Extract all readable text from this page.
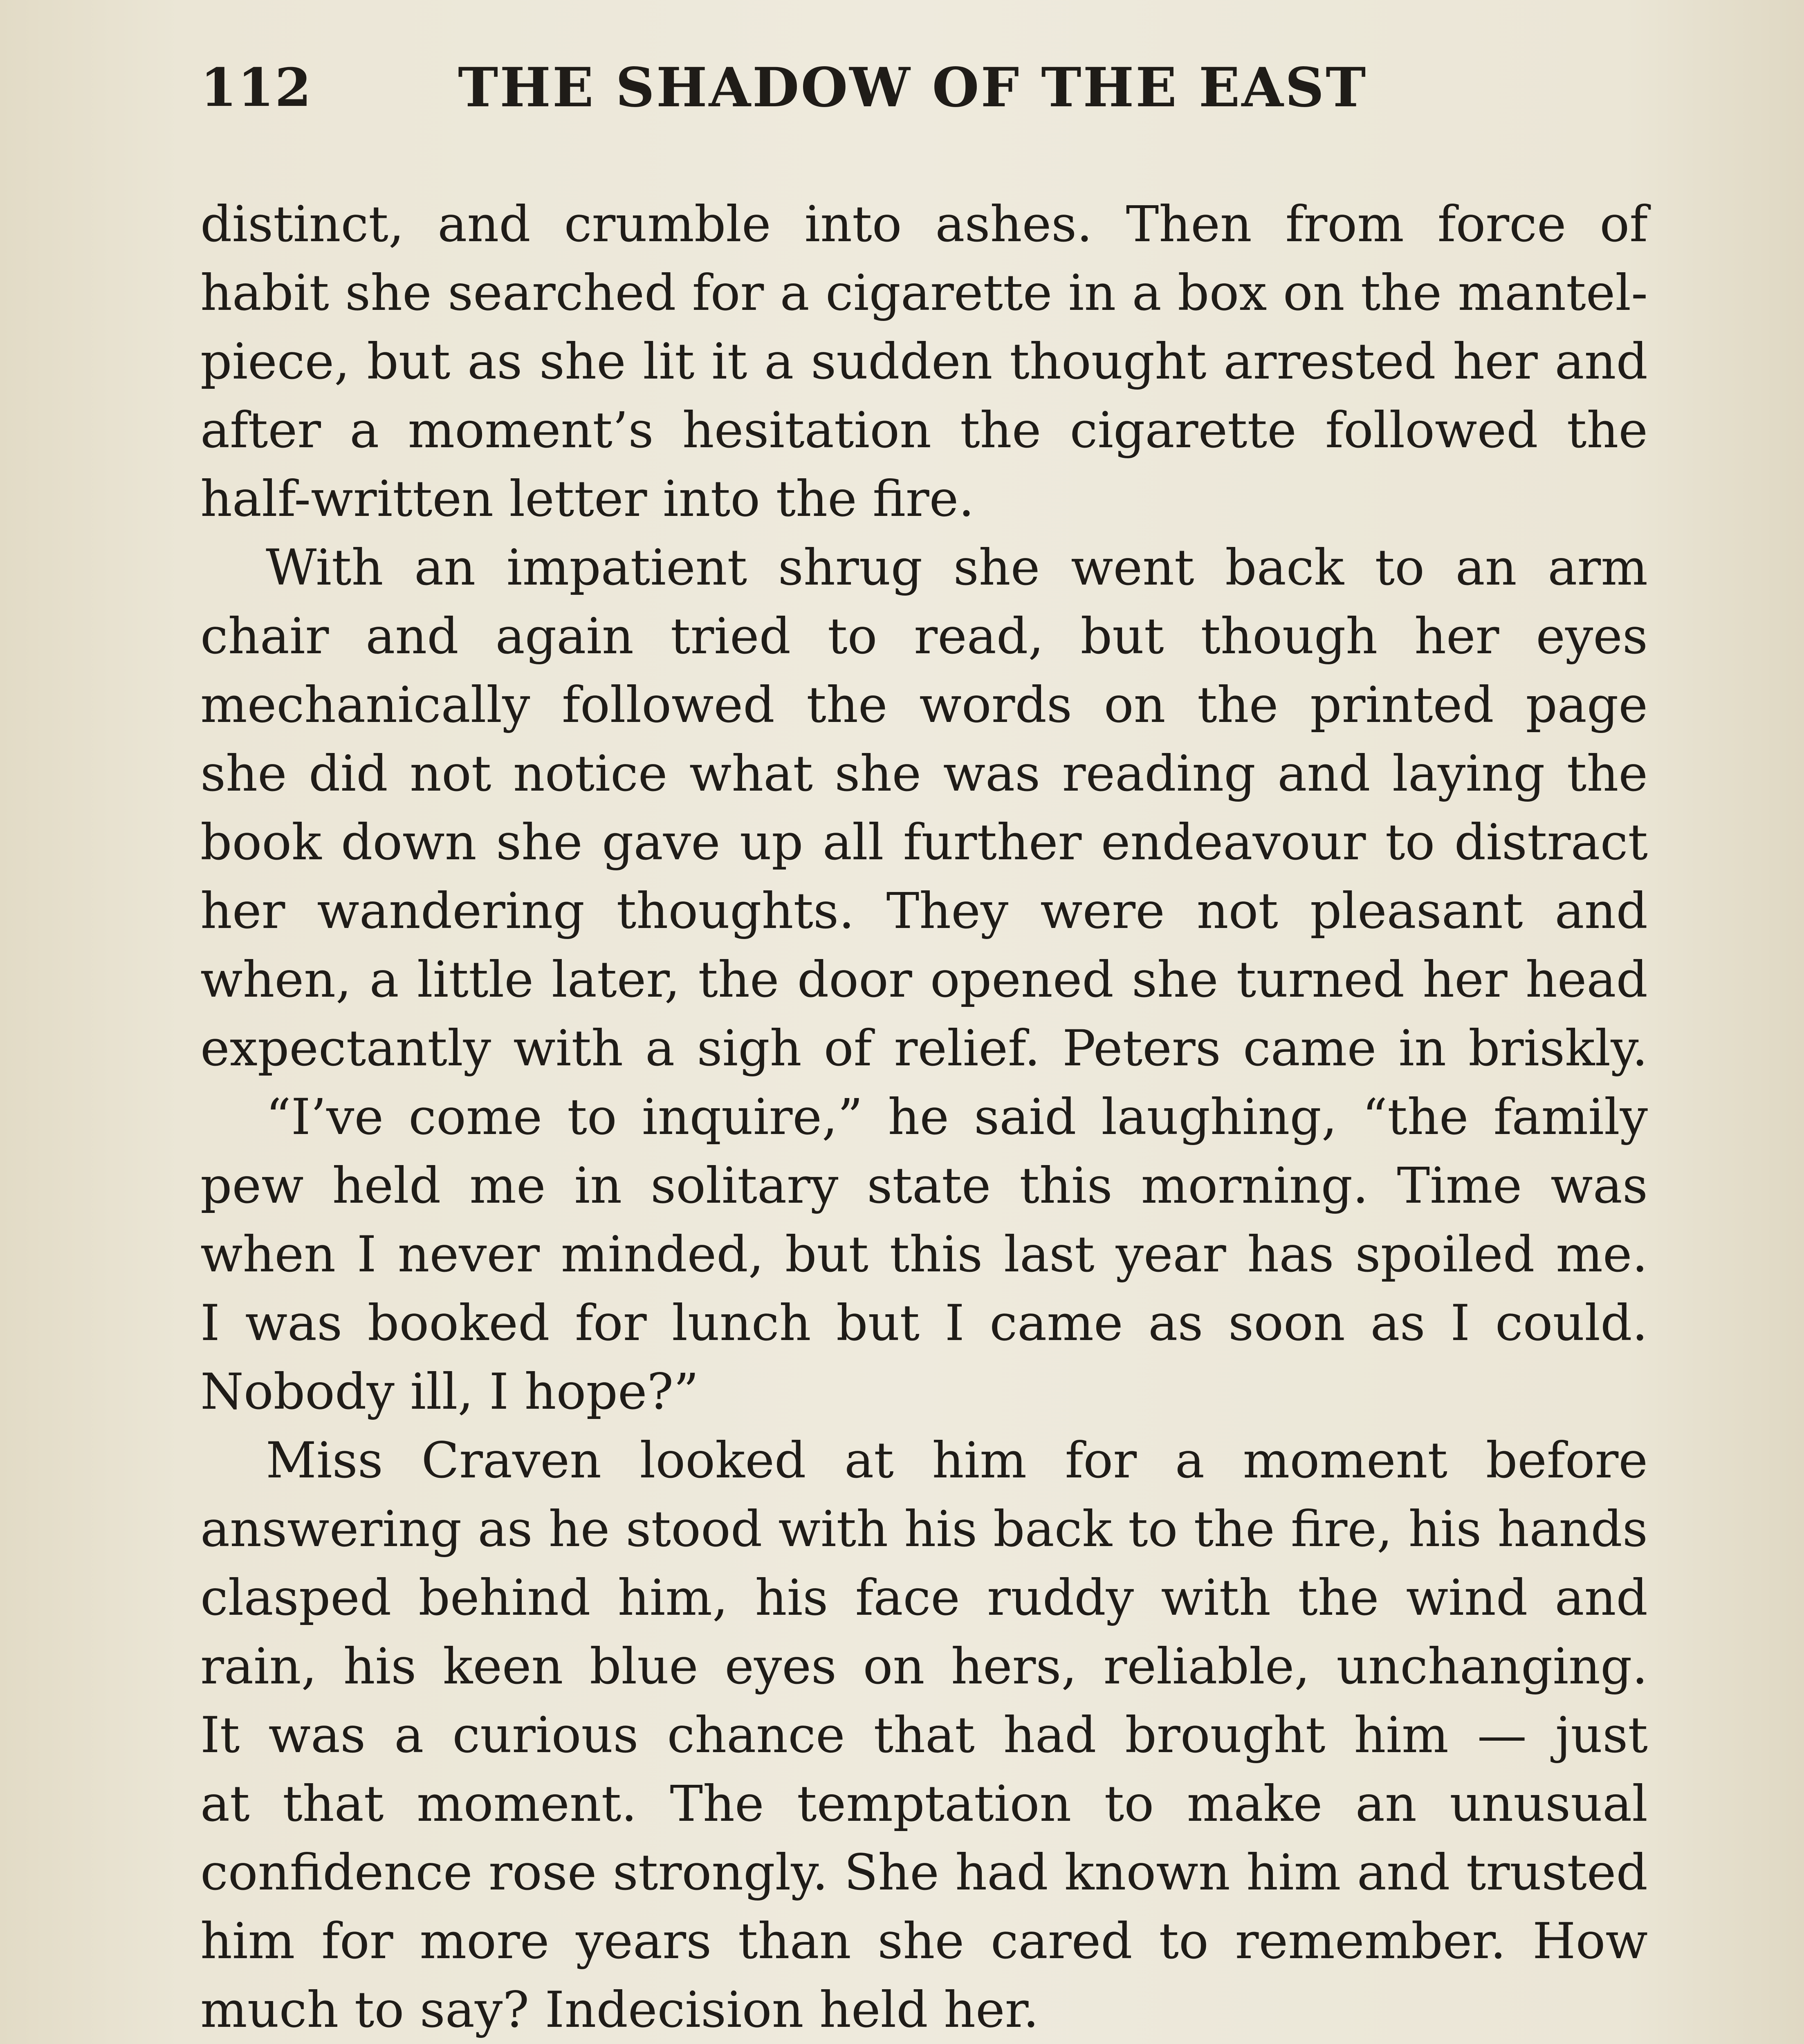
112	THE SHADOW OF THE EAST
distinct, and crumble into ashes. Then from force of
habit she searched for a cigarette in a box on the mantel-
piece, but as she lit it a sudden thought arrested her and
after a moment’s hesitation the cigarette followed the
half-written letter into the fire.
With an impatient shrug she went back to an arm
chair and again tried to read, but though her eyes
mechanically followed the words on the printed page
she did not notice what she was reading and laying the
book down she gave up all further endeavour to distract
her wandering thoughts. They were not pleasant and
when, a little later, the door opened she turned her head
expectantly with a sigh of relief. Peters came in briskly.
“I’ve come to inquire,” he said laughing, “the family
pew held me in solitary state this morning. Time was
when I never minded, but this last year has spoiled me.
I was booked for lunch but I came as soon as I could.
Nobody ill, I hope?”
Miss Craven looked at him for a moment before
answering as he stood with his back to the fire, his hands
clasped behind him, his face ruddy with the wind and
rain, his keen blue eyes on hers, reliable, unchanging.
It was a curious chance that had brought him — just
at that moment. The temptation to make an unusual
confidence rose strongly. She had known him and trusted
him for more years than she cared to remember. How
much to say? Indecision held her.
